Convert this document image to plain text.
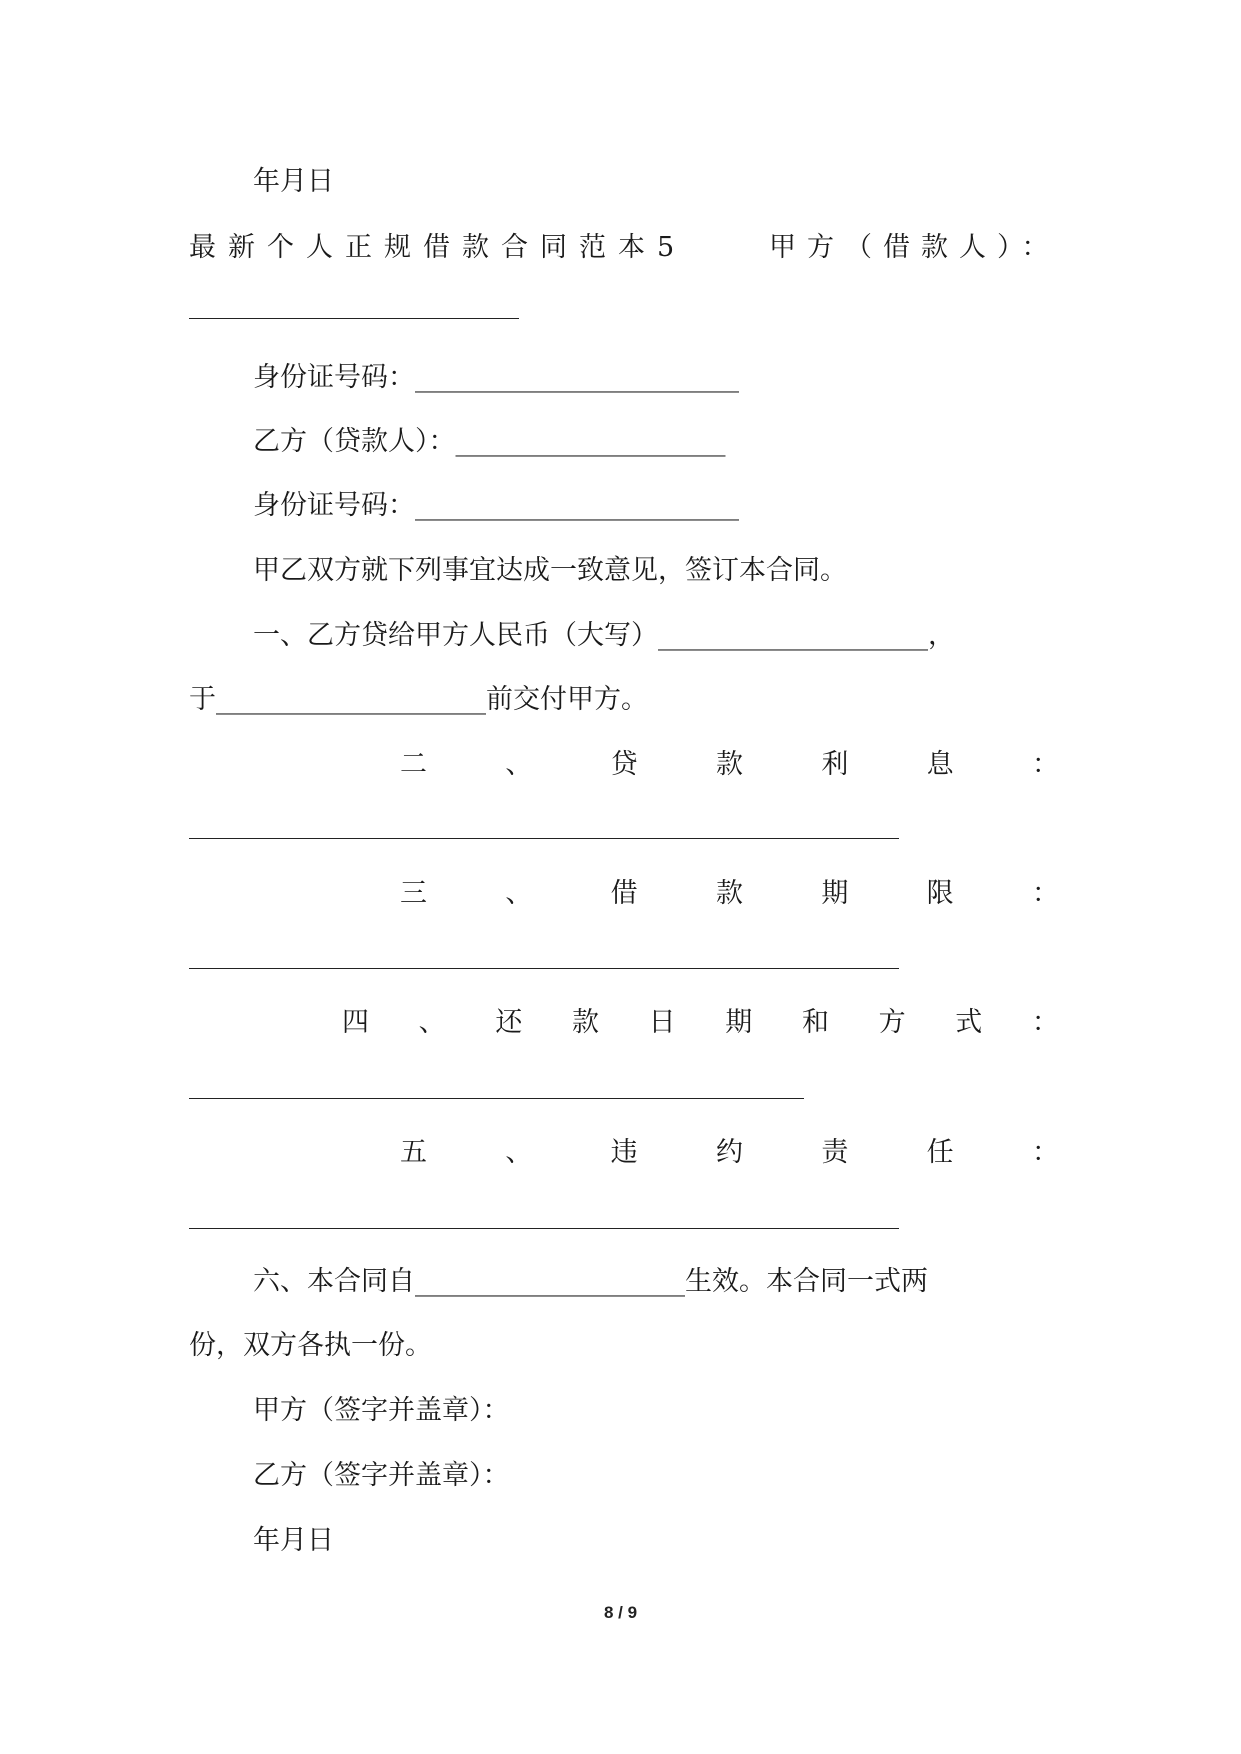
年月日
最新个人正规借款合同范本5	甲方（借款人）：
身份证号码：________________________
乙方（贷款人）：____________________
身份证号码：________________________
甲乙双方就下列事宜达成一致意见，签订本合同。
一、乙方贷给甲方人民币（大写）____________________，
于____________________前交付甲方。
二	、	贷	款	利	息	：
三	、	借	款	期	限	：
四 、 还 款 日 期 和 方 式 ：
五	、	违	约	责	任	：
六、本合同自____________________生效。本合同一式两
份，双方各执一份。
甲方（签字并盖章）：
乙方（签字并盖章）：
年月日
8 / 9
